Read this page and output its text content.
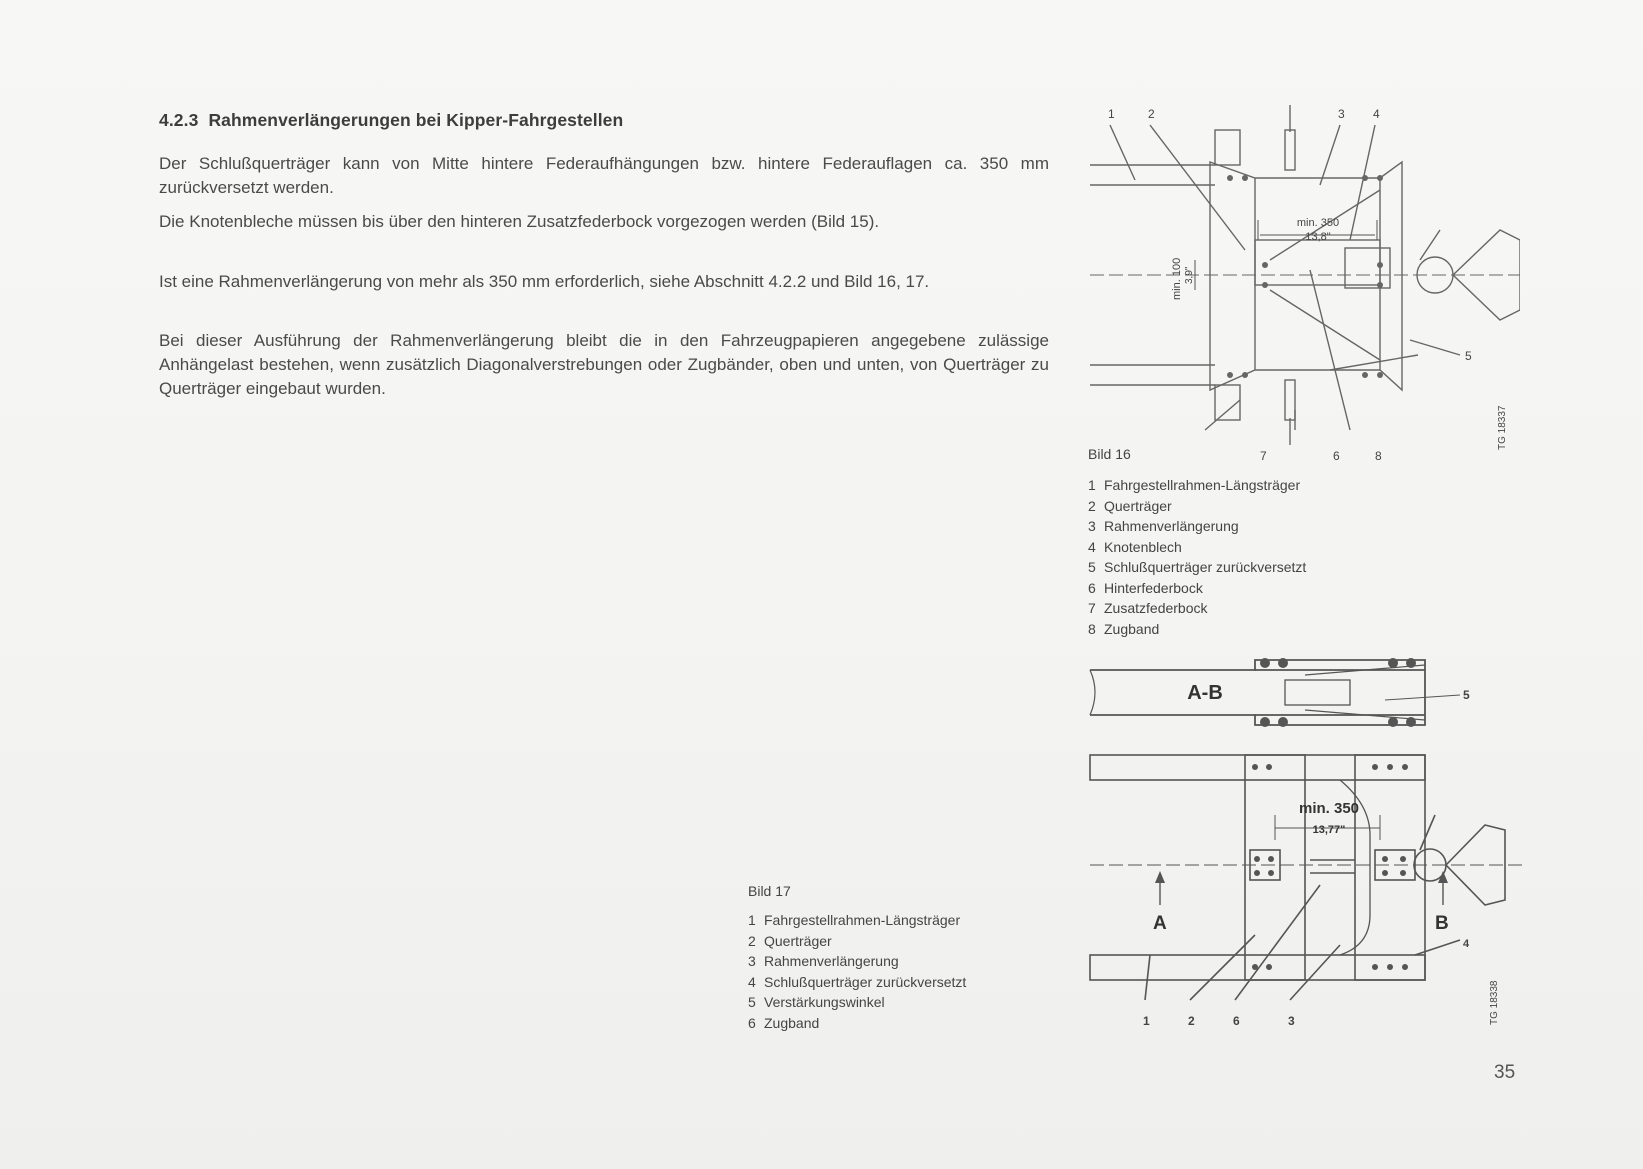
4.2.3 Rahmenverlängerungen bei Kipper-Fahrgestellen

Der Schlußquerträger kann von Mitte hintere Federaufhängungen bzw. hintere Federauflagen ca. 350 mm zurückversetzt werden.

Die Knotenbleche müssen bis über den hinteren Zusatzfederbock vorgezogen werden (Bild 15).

Ist eine Rahmenverlängerung von mehr als 350 mm erforderlich, siehe Abschnitt 4.2.2 und Bild 16, 17.

Bei dieser Ausführung der Rahmenverlängerung bleibt die in den Fahrzeugpapieren angegebene zulässige Anhängelast bestehen, wenn zusätzlich Diagonalverstrebungen oder Zugbänder, oben und unten, von Querträger zu Querträger eingebaut wurden.

min. 350
13,8"
min. 100 3,9"
1	2	3 4
5
7	6	8
TG 18337
Bild 16
1 Fahrgestellrahmen-Längsträger
2 Querträger
3 Rahmenverlängerung
4 Knotenblech
5 Schlußquerträger zurückversetzt
6 Hinterfederbock
7 Zusatzfederbock
8 Zugband
A-B	5
min. 350
13,77"
A	B
4
1	2	6	3	TG 18338
Bild 17
1 Fahrgestellrahmen-Längsträger
2 Querträger
3 Rahmenverlängerung
4 Schlußquerträger zurückversetzt
5 Verstärkungswinkel
6 Zugband
35
